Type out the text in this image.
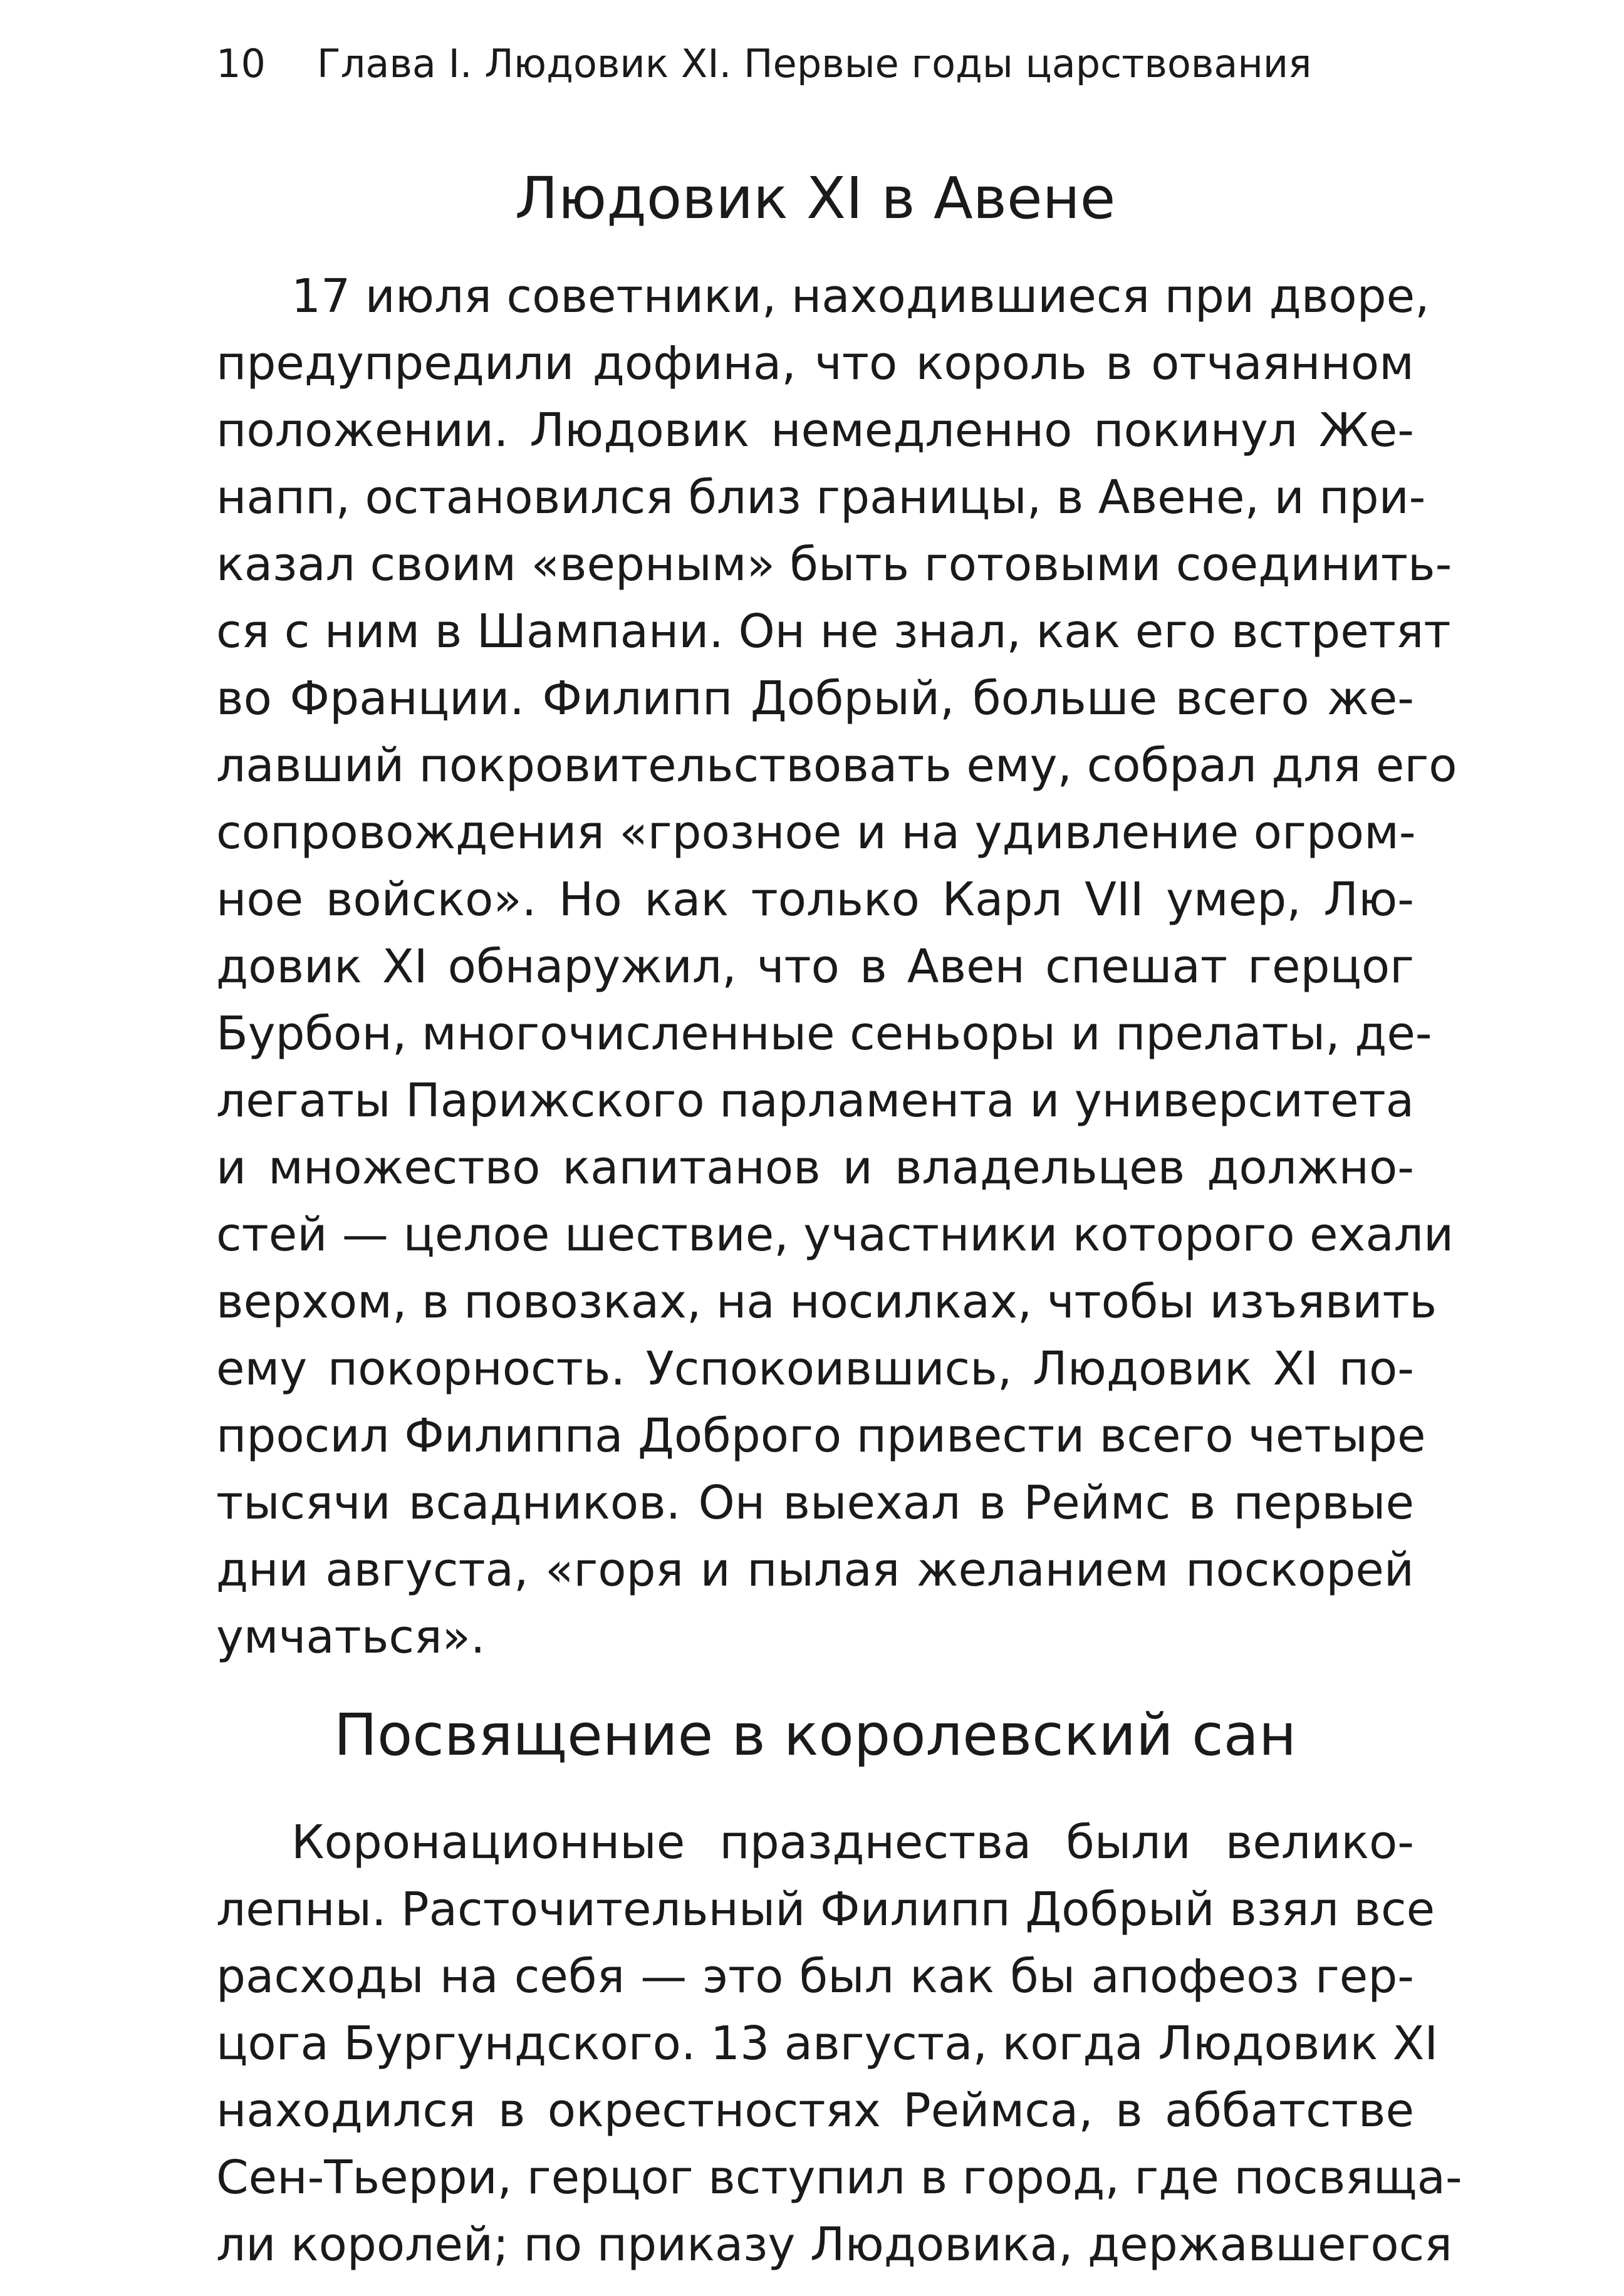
10 Глава I. Людовик XI. Первые годы царствования
Людовик XI в Авене
17 июля советники, находившиеся при дворе,
предупредили дофина, что король в отчаянном
положении. Людовик немедленно покинул Же-
напп, остановился близ границы, в Авене, и при-
казал своим «верным» быть готовыми соединить-
ся с ним в Шампани. Он не знал, как его встретят
во Франции. Филипп Добрый, больше всего же-
лавший покровительствовать ему, собрал для его
сопровождения «грозное и на удивление огром-
ное войско». Но как только Карл VII умер, Лю-
довик XI обнаружил, что в Авен спешат герцог
Бурбон, многочисленные сеньоры и прелаты, де-
легаты Парижского парламента и университета
и множество капитанов и владельцев должно-
стей — целое шествие, участники которого ехали
верхом, в повозках, на носилках, чтобы изъявить
ему покорность. Успокоившись, Людовик XI по-
просил Филиппа Доброго привести всего четыре
тысячи всадников. Он выехал в Реймс в первые
дни августа, «горя и пылая желанием поскорей
умчаться».
Посвящение в королевский сан
Коронационные празднества были велико-
лепны. Расточительный Филипп Добрый взял все
расходы на себя — это был как бы апофеоз гер-
цога Бургундского. 13 августа, когда Людовик XI
находился в окрестностях Реймса, в аббатстве
Сен-Тьерри, герцог вступил в город, где посвяща-
ли королей; по приказу Людовика, державшегося
